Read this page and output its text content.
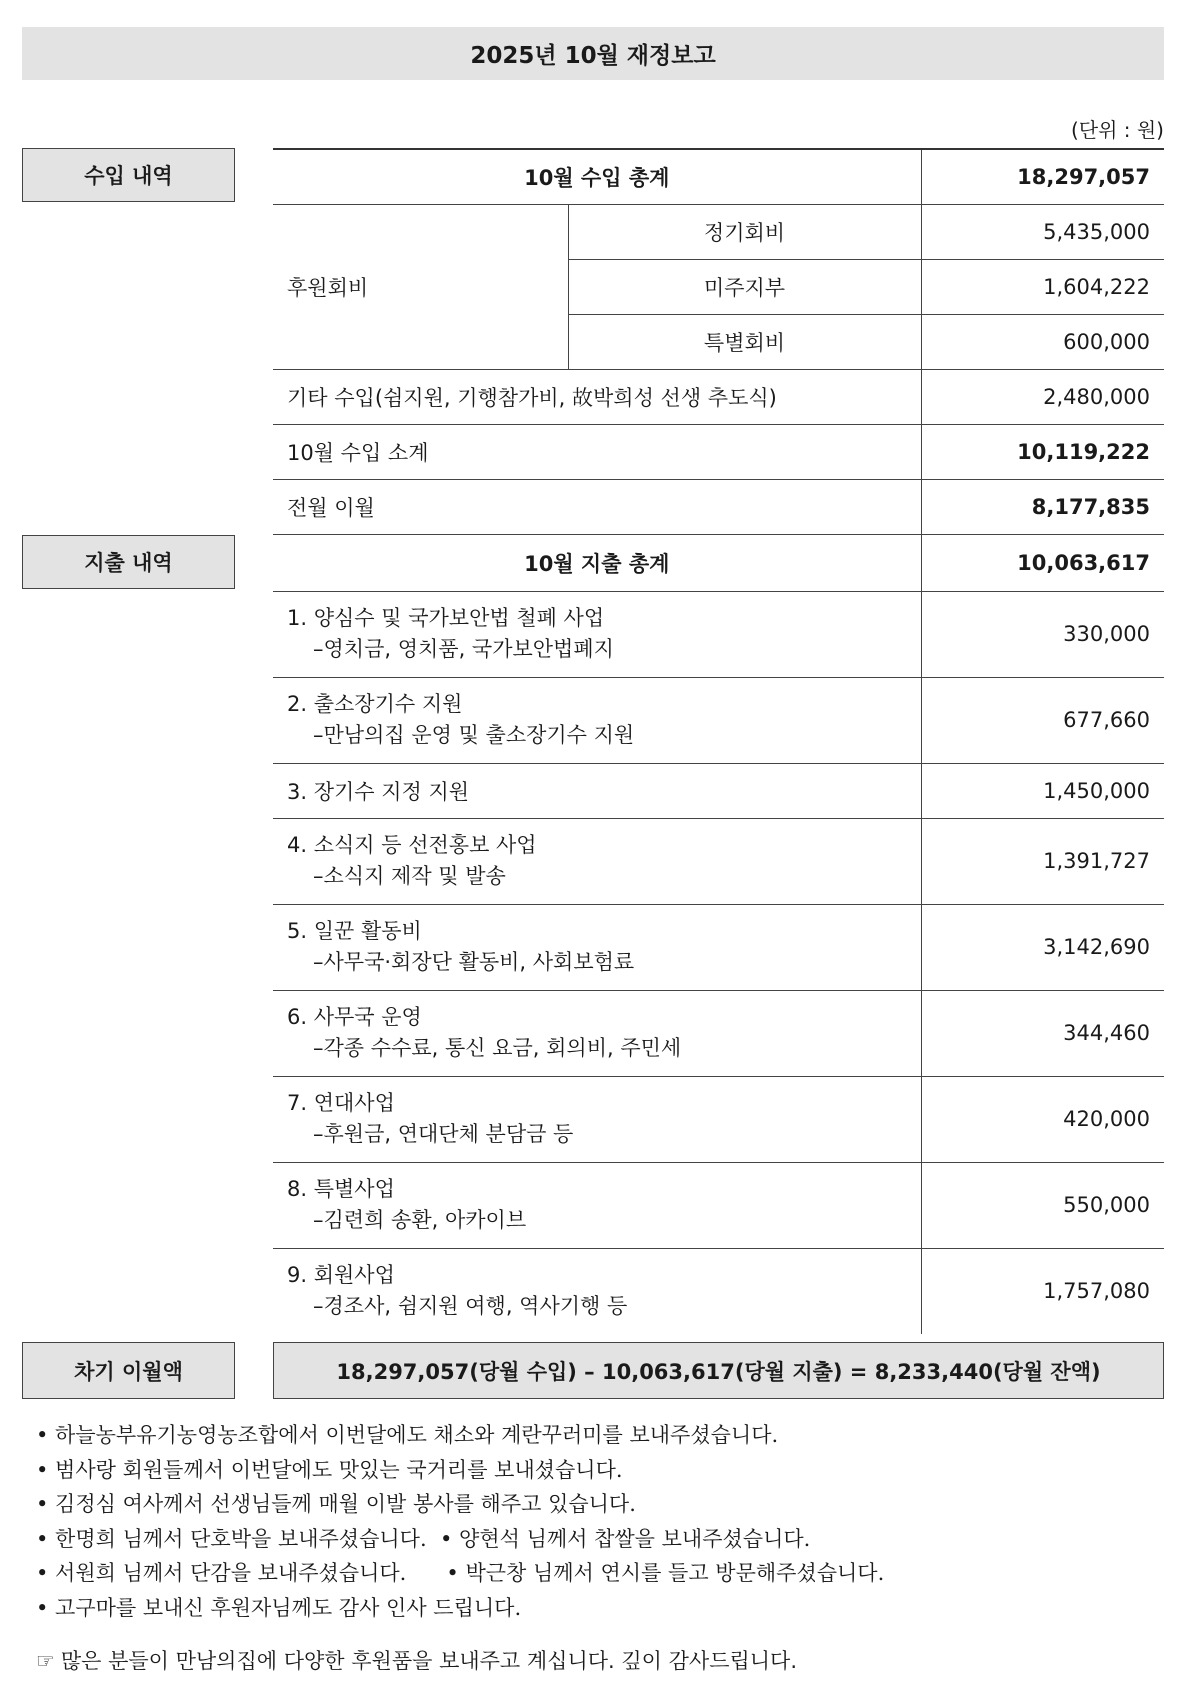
2025년 10월 재정보고
(단위 : 원)
수입 내역
지출 내역
차기 이월액
10월 수입 총계		18,297,057
후원회비	정기회비	5,435,000
	미주지부	1,604,222
	특별회비	600,000
기타 수입(쉼지원, 기행참가비, 故박희성 선생 추도식)		2,480,000
10월 수입 소계		10,119,222
전월 이월		8,177,835
10월 지출 총계		10,063,617
1. 양심수 및 국가보안법 철폐 사업
–영치금, 영치품, 국가보안법폐지		330,000
2. 출소장기수 지원
–만남의집 운영 및 출소장기수 지원		677,660
3. 장기수 지정 지원		1,450,000
4. 소식지 등 선전홍보 사업
–소식지 제작 및 발송		1,391,727
5. 일꾼 활동비
–사무국·회장단 활동비, 사회보험료		3,142,690
6. 사무국 운영
–각종 수수료, 통신 요금, 회의비, 주민세		344,460
7. 연대사업
–후원금, 연대단체 분담금 등		420,000
8. 특별사업
–김련희 송환, 아카이브		550,000
9. 회원사업
–경조사, 쉼지원 여행, 역사기행 등		1,757,080
18,297,057(당월 수입) – 10,063,617(당월 지출) = 8,233,440(당월 잔액)
• 하늘농부유기농영농조합에서 이번달에도 채소와 계란꾸러미를 보내주셨습니다.
• 범사랑 회원들께서 이번달에도 맛있는 국거리를 보내셨습니다.
• 김정심 여사께서 선생님들께 매월 이발 봉사를 해주고 있습니다.
• 한명희 님께서 단호박을 보내주셨습니다.  • 양현석 님께서 찹쌀을 보내주셨습니다.
• 서원희 님께서 단감을 보내주셨습니다.      • 박근창 님께서 연시를 들고 방문해주셨습니다.
• 고구마를 보내신 후원자님께도 감사 인사 드립니다.
☞ 많은 분들이 만남의집에 다양한 후원품을 보내주고 계십니다. 깊이 감사드립니다.
